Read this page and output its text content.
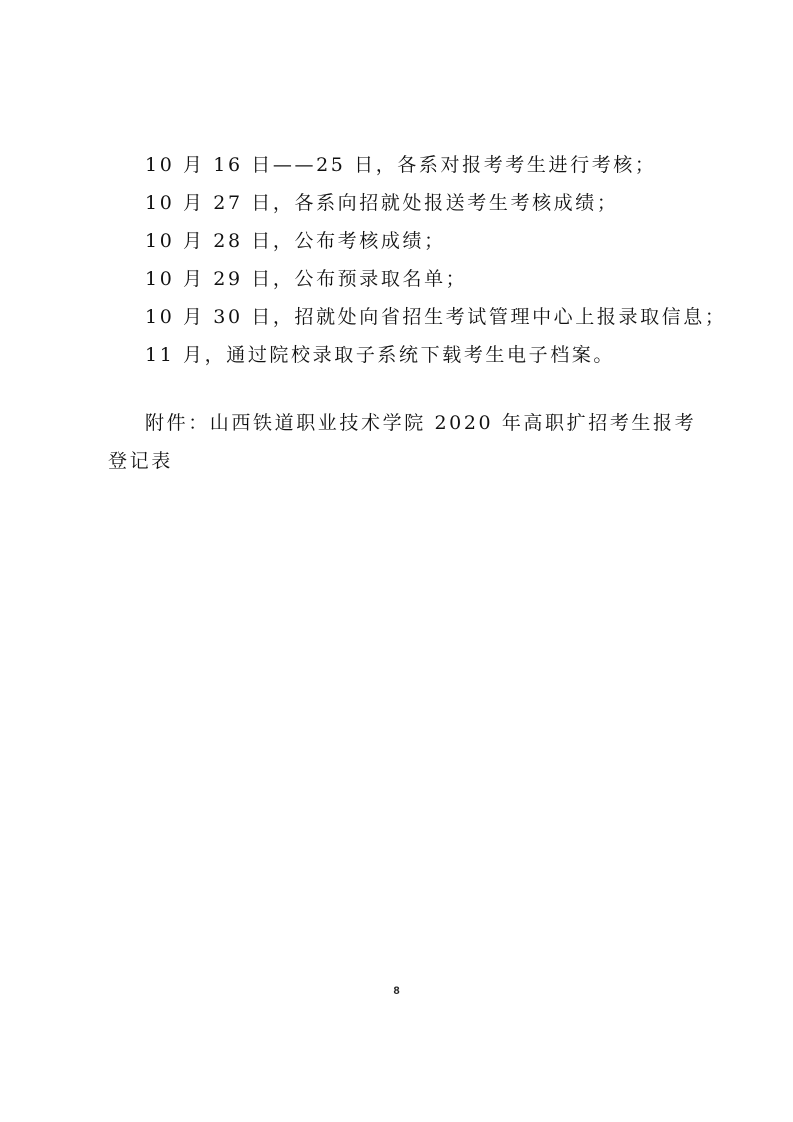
10 月 16 日——25 日，各系对报考考生进行考核；
10 月 27 日，各系向招就处报送考生考核成绩；
10 月 28 日，公布考核成绩；
10 月 29 日，公布预录取名单；
10 月 30 日，招就处向省招生考试管理中心上报录取信息；
11 月，通过院校录取子系统下载考生电子档案。

附件：山西铁道职业技术学院 2020 年高职扩招考生报考登记表

8
